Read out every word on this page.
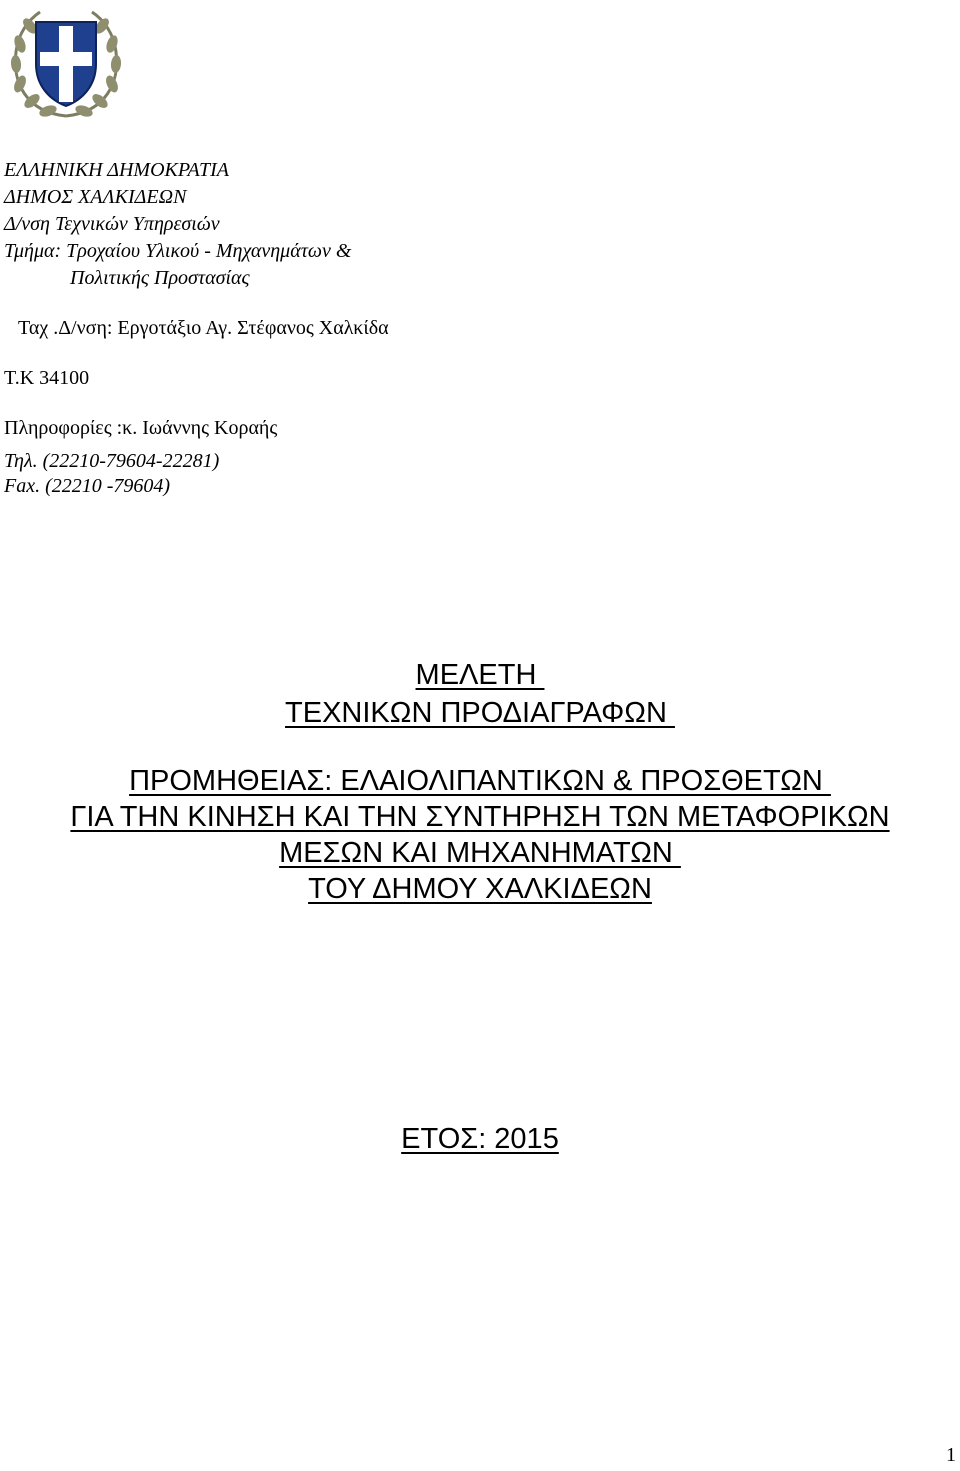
ΕΛΛΗΝΙΚΗ ΔΗΜΟΚΡΑΤΙΑ
ΔΗΜΟΣ ΧΑΛΚΙΔΕΩΝ
Δ/νση Τεχνικών Υπηρεσιών
Τμήμα: Τροχαίου Υλικού - Μηχανημάτων &
Πολιτικής Προστασίας
Ταχ .Δ/νση: Εργοτάξιο Αγ. Στέφανος Χαλκίδα
Τ.Κ 34100
Πληροφορίες :κ. Ιωάννης Κοραής
Τηλ. (22210-79604-22281)
Fax. (22210 -79604)
ΜΕΛΕΤΗ
ΤΕΧΝΙΚΩΝ ΠΡΟΔΙΑΓΡΑΦΩΝ
ΠΡΟΜΗΘΕΙΑΣ: ΕΛΑΙΟΛΙΠΑΝΤΙΚΩΝ & ΠΡΟΣΘΕΤΩΝ
ΓΙΑ ΤΗΝ ΚΙΝΗΣΗ ΚΑΙ ΤΗΝ ΣΥΝΤΗΡΗΣΗ ΤΩΝ ΜΕΤΑΦΟΡΙΚΩΝ
ΜΕΣΩΝ ΚΑΙ ΜΗΧΑΝΗΜΑΤΩΝ
ΤΟΥ ΔΗΜΟΥ ΧΑΛΚΙΔΕΩΝ
ΕΤΟΣ: 2015
1
